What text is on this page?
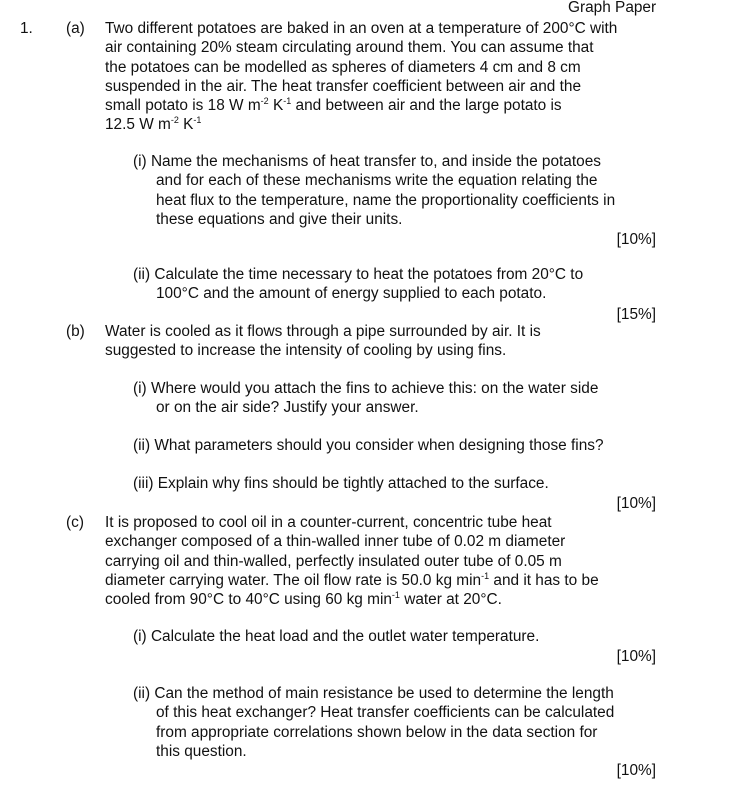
Graph Paper
1. (a) Two different potatoes are baked in an oven at a temperature of 200°C with
air containing 20% steam circulating around them. You can assume that
the potatoes can be modelled as spheres of diameters 4 cm and 8 cm
suspended in the air. The heat transfer coefficient between air and the
small potato is 18 W $m^{-2}$ $K^{-1}$ and between air and the large potato is
12.5 W $m^{-2}$ $K^{-1}$
(i) Name the mechanisms of heat transfer to, and inside the potatoes
and for each of these mechanisms write the equation relating the
heat flux to the temperature, name the proportionality coefficients in
these equations and give their units.
[10%]
(ii) Calculate the time necessary to heat the potatoes from 20°C to
100°C and the amount of energy supplied to each potato.
[15%]
(b) Water is cooled as it flows through a pipe surrounded by air. It is
suggested to increase the intensity of cooling by using fins.
(i) Where would you attach the fins to achieve this: on the water side
or on the air side? Justify your answer.
(ii) What parameters should you consider when designing those fins?
(iii) Explain why fins should be tightly attached to the surface.
[10%]
(c) It is proposed to cool oil in a counter-current, concentric tube heat
exchanger composed of a thin-walled inner tube of 0.02 m diameter
carrying oil and thin-walled, perfectly insulated outer tube of 0.05 m
diameter carrying water. The oil flow rate is 50.0 kg $\min^{-1}$ and it has to be
cooled from 90°C to 40°C using 60 kg $\min^{-1}$ water at 20°C.
(i) Calculate the heat load and the outlet water temperature.
[10%]
(ii) Can the method of main resistance be used to determine the length
of this heat exchanger? Heat transfer coefficients can be calculated
from appropriate correlations shown below in the data section for
this question.
[10%]
